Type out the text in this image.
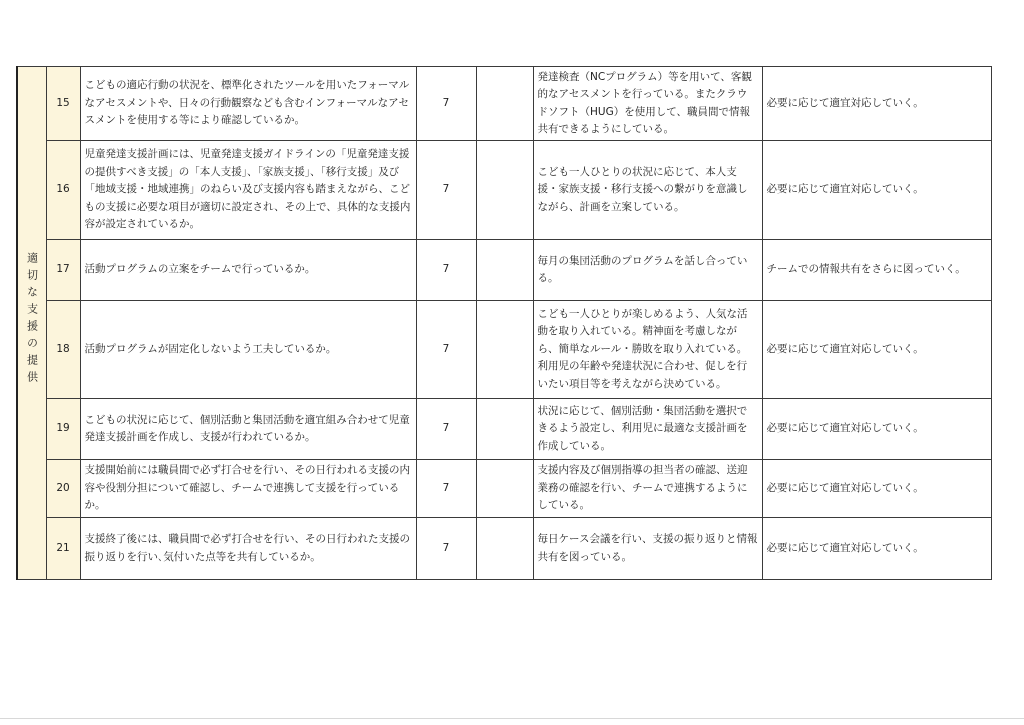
適切な支援の提供	15	こどもの適応行動の状況を、標準化されたツールを用いたフォーマルなアセスメントや、日々の行動観察なども含むインフォーマルなアセスメントを使用する等により確認しているか。	7		発達検査（NCプログラム）等を用いて、客観的なアセスメントを行っている。またクラウドソフト（HUG）を使用して、職員間で情報共有できるようにしている。	必要に応じて適宜対応していく。
	16	児童発達支援計画には、児童発達支援ガイドラインの「児童発達支援の提供すべき支援」の「本人支援」、「家族支援」、「移行支援」及び「地域支援・地域連携」のねらい及び支援内容も踏まえながら、こどもの支援に必要な項目が適切に設定され、その上で、具体的な支援内容が設定されているか。	7		こども一人ひとりの状況に応じて、本人支援・家族支援・移行支援への繋がりを意識しながら、計画を立案している。	必要に応じて適宜対応していく。
	17	活動プログラムの立案をチームで行っているか。	7		毎月の集団活動のプログラムを話し合っている。	チームでの情報共有をさらに図っていく。
	18	活動プログラムが固定化しないよう工夫しているか。	7		こども一人ひとりが楽しめるよう、人気な活動を取り入れている。精神面を考慮しながら、簡単なルール・勝敗を取り入れている。利用児の年齢や発達状況に合わせ、促しを行いたい項目等を考えながら決めている。	必要に応じて適宜対応していく。
	19	こどもの状況に応じて、個別活動と集団活動を適宜組み合わせて児童発達支援計画を作成し、支援が行われているか。	7		状況に応じて、個別活動・集団活動を選択できるよう設定し、利用児に最適な支援計画を作成している。	必要に応じて適宜対応していく。
	20	支援開始前には職員間で必ず打合せを行い、その日行われる支援の内容や役割分担について確認し、チームで連携して支援を行っているか。	7		支援内容及び個別指導の担当者の確認、送迎業務の確認を行い、チームで連携するようにしている。	必要に応じて適宜対応していく。
	21	支援終了後には、職員間で必ず打合せを行い、その日行われた支援の振り返りを行い､気付いた点等を共有しているか。	7		毎日ケース会議を行い、支援の振り返りと情報共有を図っている。	必要に応じて適宜対応していく。
